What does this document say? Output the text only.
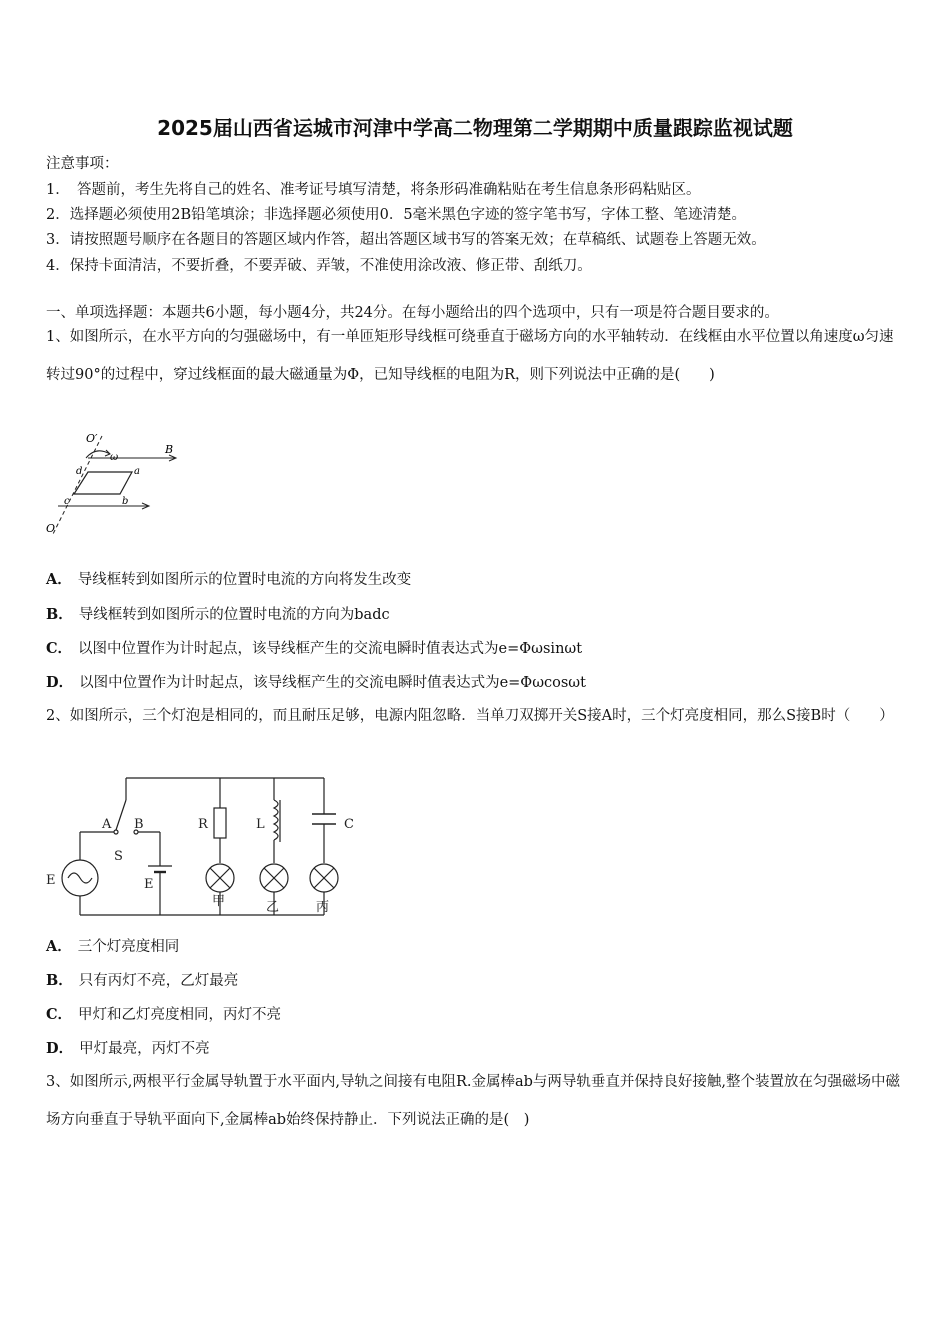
2025届山西省运城市河津中学高二物理第二学期期中质量跟踪监视试题
注意事项：
1．　答题前，考生先将自己的姓名、准考证号填写清楚，将条形码准确粘贴在考生信息条形码粘贴区。
2．选择题必须使用2B铅笔填涂；非选择题必须使用0．5毫米黑色字迹的签字笔书写，字体工整、笔迹清楚。
3．请按照题号顺序在各题目的答题区域内作答，超出答题区域书写的答案无效；在草稿纸、试题卷上答题无效。
4．保持卡面清洁，不要折叠，不要弄破、弄皱，不准使用涂改液、修正带、刮纸刀。
一、单项选择题：本题共6小题，每小题4分，共24分。在每小题给出的四个选项中，只有一项是符合题目要求的。
1、如图所示，在水平方向的匀强磁场中，有一单匝矩形导线框可绕垂直于磁场方向的水平轴转动．在线框由水平位置以角速度ω匀速转过90°的过程中，穿过线框面的最大磁通量为Φ，已知导线框的电阻为R，则下列说法中正确的是(　　)
O′
ω
B
d	a
c	b
O
A． 导线框转到如图所示的位置时电流的方向将发生改变
B． 导线框转到如图所示的位置时电流的方向为badc
C． 以图中位置作为计时起点，该导线框产生的交流电瞬时值表达式为e=Φωsinωt
D． 以图中位置作为计时起点，该导线框产生的交流电瞬时值表达式为e=Φωcosωt
2、如图所示，三个灯泡是相同的，而且耐压足够，电源内阻忽略．当单刀双掷开关S接A时，三个灯亮度相同，那么S接B时（　　）
A B
S
E	E
R	L	C
甲	乙	丙
A． 三个灯亮度相同
B． 只有丙灯不亮，乙灯最亮
C． 甲灯和乙灯亮度相同，丙灯不亮
D． 甲灯最亮，丙灯不亮
3、如图所示,两根平行金属导轨置于水平面内,导轨之间接有电阻R.金属棒ab与两导轨垂直并保持良好接触,整个装置放在匀强磁场中磁场方向垂直于导轨平面向下,金属棒ab始终保持静止．下列说法正确的是(　)
